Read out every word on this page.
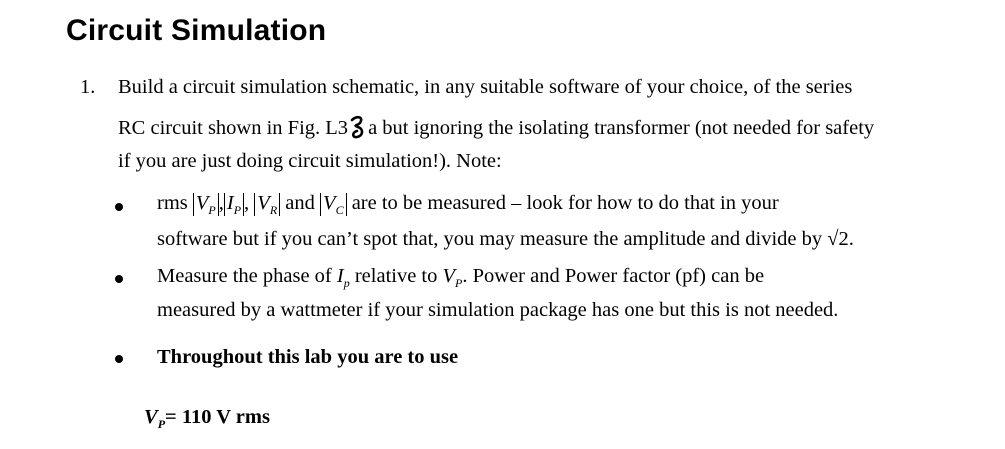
Circuit Simulation
1. Build a circuit simulation schematic, in any suitable software of your choice, of the series
RC circuit shown in Fig. L3 a but ignoring the isolating transformer (not needed for safety
if you are just doing circuit simulation!). Note:
rms $V_P$ , $I_P$ , $V_R$ and $V_C$ are to be measured – look for how to do that in your
software but if you can’t spot that, you may measure the amplitude and divide by √2.
Measure the phase of $I_p$ relative to $V_P$. Power and Power factor (pf) can be
measured by a wattmeter if your simulation package has one but this is not needed.
Throughout this lab you are to use
$V_P= 110$ V rms
